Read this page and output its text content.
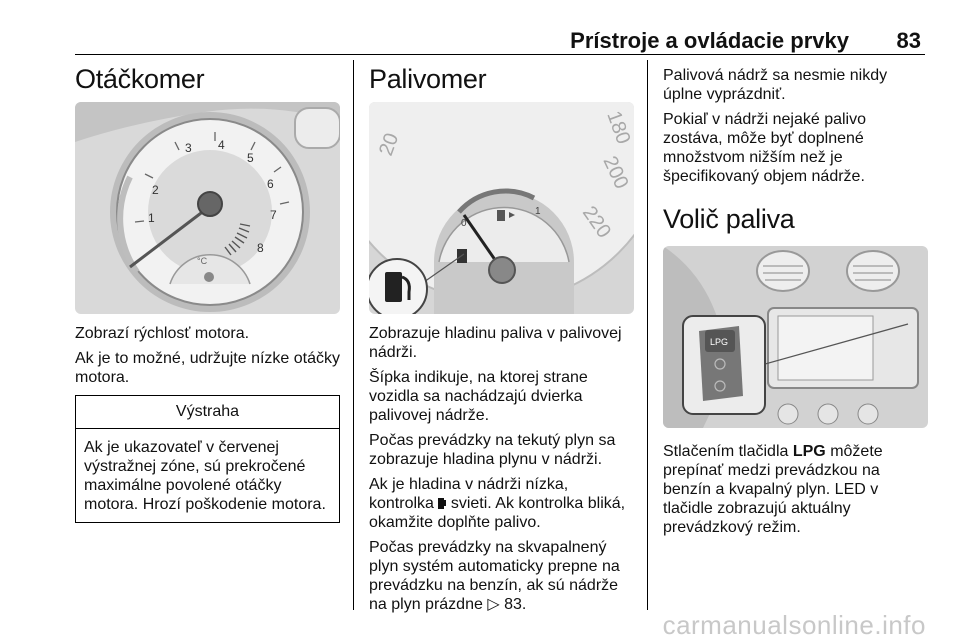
Prístroje a ovládacie prvky 83
Otáčkomer
1
2
3 4
5
6
7
8
°C

Zobrazí rýchlosť motora.

Ak je to možné, udržujte nízke otáčky motora.

Výstraha
Ak je ukazovateľ v červenej výstražnej zóne, sú prekročené maximálne povolené otáčky motora. Hrozí poškodenie motora.
Palivomer
20	180
200
220
0
1

Zobrazuje hladinu paliva v palivovej nádrži.

Šípka indikuje, na ktorej strane vozidla sa nachádzajú dvierka palivovej nádrže.

Počas prevádzky na tekutý plyn sa zobrazuje hladina plynu v nádrži.

Ak je hladina v nádrži nízka, kontrolka svieti. Ak kontrolka bliká, okamžite doplňte palivo.

Počas prevádzky na skvapalnený plyn systém automaticky prepne na prevádzku na benzín, ak sú nádrže na plyn prázdne ▷ 83.

Palivová nádrž sa nesmie nikdy úplne vyprázdniť.

Pokiaľ v nádrži nejaké palivo zostáva, môže byť doplnené množstvom nižším než je špecifikovaný objem nádrže.

Volič paliva
LPG

Stlačením tlačidla LPG môžete prepínať medzi prevádzkou na benzín a kvapalný plyn. LED v tlačidle zobrazujú aktuálny prevádzkový režim.

carmanualsonline.info
